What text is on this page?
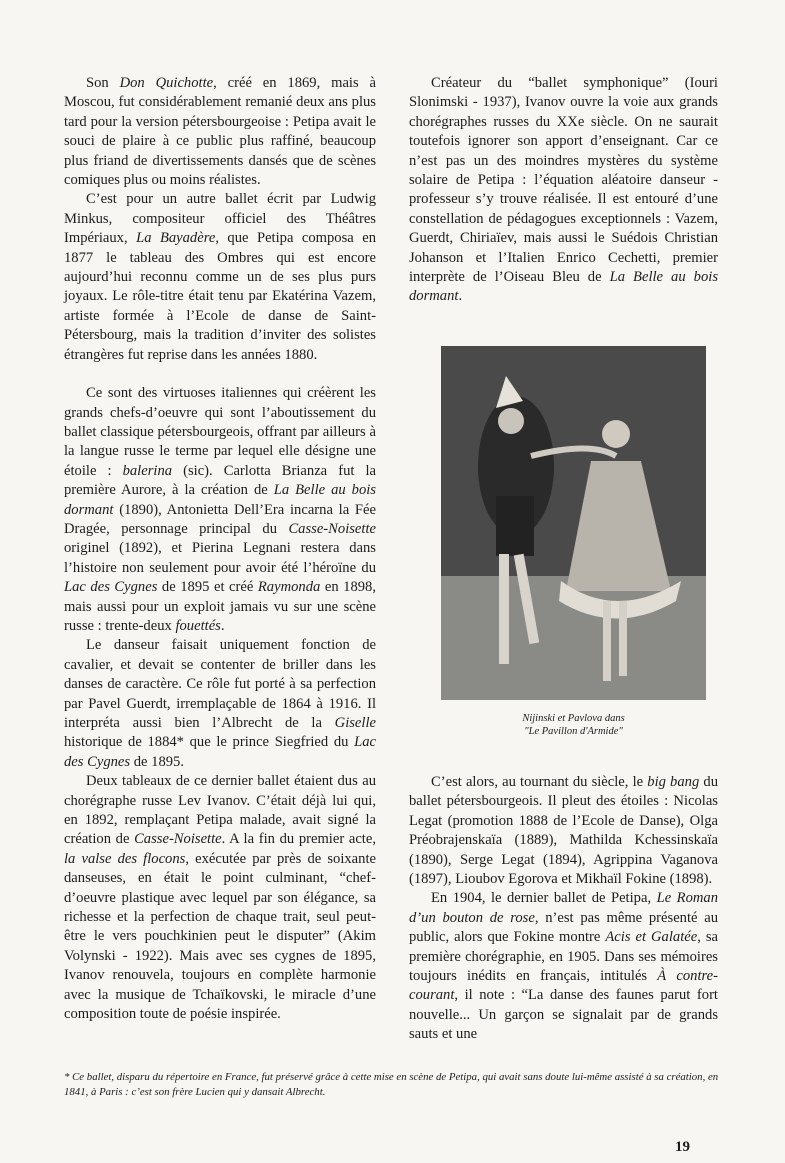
Son Don Quichotte, créé en 1869, mais à Moscou, fut considérablement remanié deux ans plus tard pour la version pétersbourgeoise : Petipa avait le souci de plaire à ce public plus raffiné, beaucoup plus friand de divertissements dansés que de scènes comiques plus ou moins réalistes.

C’est pour un autre ballet écrit par Ludwig Minkus, compositeur officiel des Théâtres Impériaux, La Bayadère, que Petipa composa en 1877 le tableau des Ombres qui est encore aujourd’hui reconnu comme un de ses plus purs joyaux. Le rôle-titre était tenu par Ekatérina Vazem, artiste formée à l’Ecole de danse de Saint-Pétersbourg, mais la tradition d’inviter des solistes étrangères fut reprise dans les années 1880.

Ce sont des virtuoses italiennes qui créèrent les grands chefs-d’oeuvre qui sont l’aboutissement du ballet classique pétersbourgeois, offrant par ailleurs à la langue russe le terme par lequel elle désigne une étoile : balerina (sic). Carlotta Brianza fut la première Aurore, à la création de La Belle au bois dormant (1890), Antonietta Dell’Era incarna la Fée Dragée, personnage principal du Casse-Noisette originel (1892), et Pierina Legnani restera dans l’histoire non seulement pour avoir été l’héroïne du Lac des Cygnes de 1895 et créé Raymonda en 1898, mais aussi pour un exploit jamais vu sur une scène russe : trente-deux fouettés.

Le danseur faisait uniquement fonction de cavalier, et devait se contenter de briller dans les danses de caractère. Ce rôle fut porté à sa perfection par Pavel Guerdt, irremplaçable de 1864 à 1916. Il interpréta aussi bien l’Albrecht de la Giselle historique de 1884* que le prince Siegfried du Lac des Cygnes de 1895.

Deux tableaux de ce dernier ballet étaient dus au chorégraphe russe Lev Ivanov. C’était déjà lui qui, en 1892, remplaçant Petipa malade, avait signé la création de Casse-Noisette. A la fin du premier acte, la valse des flocons, exécutée par près de soixante danseuses, en était le point culminant, “chef-d’oeuvre plastique avec lequel par son élégance, sa richesse et la perfection de chaque trait, seul peut-être le vers pouchkinien peut le disputer” (Akim Volynski - 1922). Mais avec ses cygnes de 1895, Ivanov renouvela, toujours en complète harmonie avec la musique de Tchaïkovski, le miracle d’une composition toute de poésie inspirée.

Créateur du “ballet symphonique” (Iouri Slonimski - 1937), Ivanov ouvre la voie aux grands chorégraphes russes du XXe siècle. On ne saurait toutefois ignorer son apport d’enseignant. Car ce n’est pas un des moindres mystères du système solaire de Petipa : l’équation aléatoire danseur - professeur s’y trouve réalisée. Il est entouré d’une constellation de pédagogues exceptionnels : Vazem, Guerdt, Chiriaïev, mais aussi le Suédois Christian Johanson et l’Italien Enrico Cechetti, premier interprète de l’Oiseau Bleu de La Belle au bois dormant.

Nijinski et Pavlova dans
"Le Pavillon d'Armide"

C’est alors, au tournant du siècle, le big bang du ballet pétersbourgeois. Il pleut des étoiles : Nicolas Legat (promotion 1888 de l’Ecole de Danse), Olga Préobrajenskaïa (1889), Mathilda Kchessinskaïa (1890), Serge Legat (1894), Agrippina Vaganova (1897), Lioubov Egorova et Mikhaïl Fokine (1898).

En 1904, le dernier ballet de Petipa, Le Roman d’un bouton de rose, n’est pas même présenté au public, alors que Fokine montre Acis et Galatée, sa première chorégraphie, en 1905. Dans ses mémoires toujours inédits en français, intitulés À contre-courant, il note : “La danse des faunes parut fort nouvelle... Un garçon se signalait par de grands sauts et une

* Ce ballet, disparu du répertoire en France, fut préservé grâce à cette mise en scène de Petipa, qui avait sans doute lui-même assisté à sa création, en 1841, à Paris : c’est son frère Lucien qui y dansait Albrecht.
19
